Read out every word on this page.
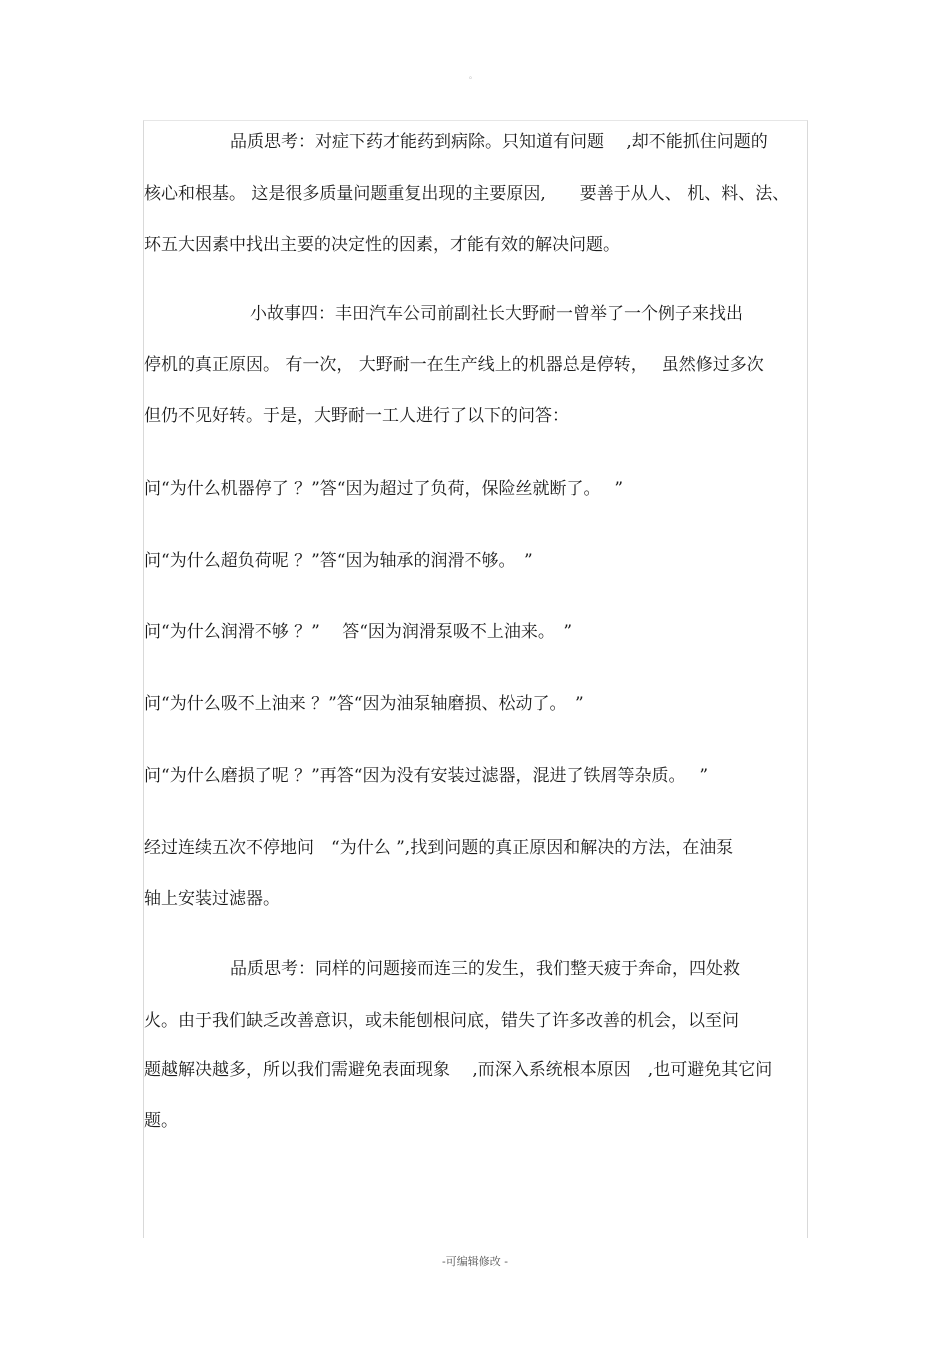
。
品质思考：对症下药才能药到病除。只知道有问题　 ,却不能抓住问题的
核心和根基。 这是很多质量问题重复出现的主要原因,　　要善于从人、 机、料、法、
环五大因素中找出主要的决定性的因素，才能有效的解决问题。
小故事四：丰田汽车公司前副社长大野耐一曾举了一个例子来找出
停机的真正原因。 有一次， 大野耐一在生产线上的机器总是停转，　 虽然修过多次
但仍不见好转。于是，大野耐一工人进行了以下的问答：
问“为什么机器停了 ？”答“因为超过了负荷，保险丝就断了。　 ”
问“为什么超负荷呢 ？”答“因为轴承的润滑不够。　”
问“为什么润滑不够 ？”　 答“因为润滑泵吸不上油来。　”
问“为什么吸不上油来 ？”答“因为油泵轴磨损、松动了。　”
问“为什么磨损了呢 ？”再答“因为没有安装过滤器，混进了铁屑等杂质。　 ”
经过连续五次不停地问　“为什么 ”,找到问题的真正原因和解决的方法，在油泵
轴上安装过滤器。
品质思考：同样的问题接而连三的发生，我们整天疲于奔命，四处救
火。由于我们缺乏改善意识，或未能刨根问底，错失了许多改善的机会，以至问
题越解决越多，所以我们需避免表面现象　 ,而深入系统根本原因　,也可避免其它问
题。
-可编辑修改 -
